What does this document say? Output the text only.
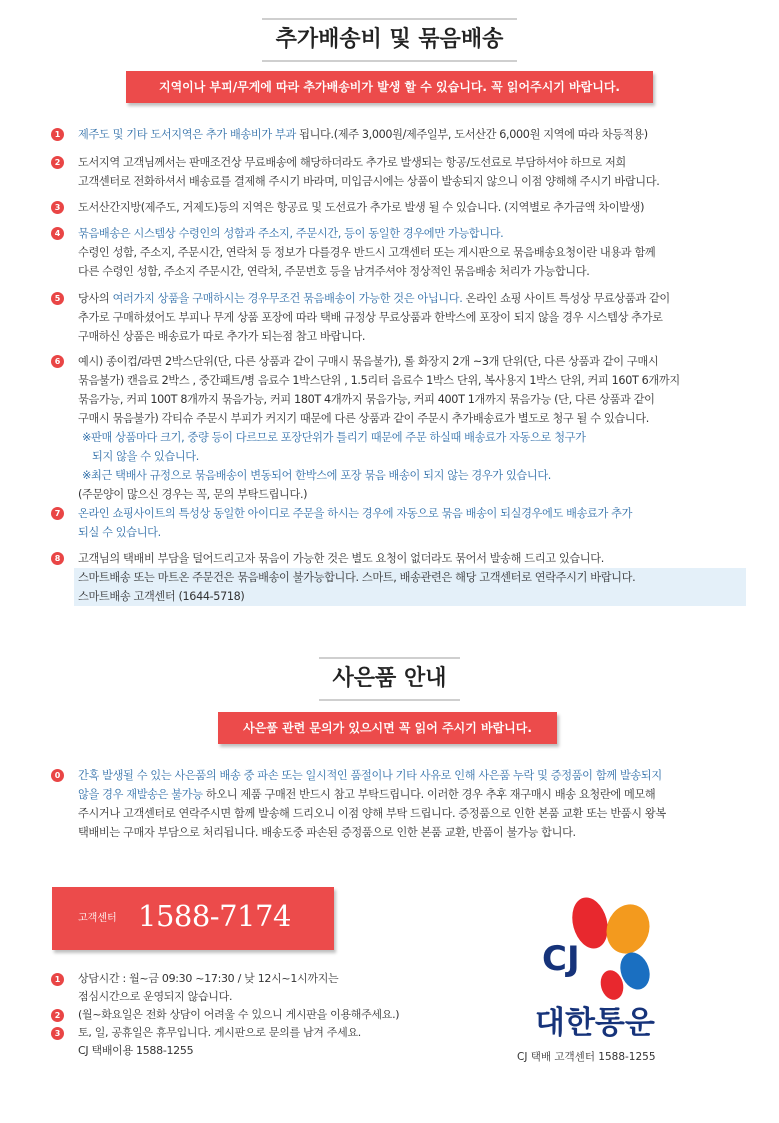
추가배송비 및 묶음배송
지역이나 부피/무게에 따라 추가배송비가 발생 할 수 있습니다. 꼭 읽어주시기 바랍니다.
1	제주도 및 기타 도서지역은 추가 배송비가 부과 됩니다.(제주 3,000원/제주일부, 도서산간 6,000원 지역에 따라 차등적용)
2	도서지역 고객님께서는 판매조건상 무료배송에 해당하더라도 추가로 발생되는 항공/도선료로 부담하셔야 하므로 저희
고객센터로 전화하셔서 배송료를 결제해 주시기 바라며, 미입금시에는 상품이 발송되지 않으니 이점 양해해 주시기 바랍니다.
3	도서산간지방(제주도, 거제도)등의 지역은 항공료 및 도선료가 추가로 발생 될 수 있습니다. (지역별로 추가금액 차이발생)
4	묶음배송은 시스템상 수령인의 성함과 주소지, 주문시간, 등이 동일한 경우에만 가능합니다.
수령인 성함, 주소지, 주문시간, 연락처 등 정보가 다를경우 반드시 고객센터 또는 게시판으로 묶음배송요청이란 내용과 함께
다른 수령인 성함, 주소지 주문시간, 연락처, 주문번호 등을 남겨주셔야 정상적인 묶음배송 처리가 가능합니다.
5	당사의 여러가지 상품을 구매하시는 경우무조건 묶음배송이 가능한 것은 아닙니다. 온라인 쇼핑 사이트 특성상 무료상품과 같이
추가로 구매하셨어도 부피나 무게 상품 포장에 따라 택배 규정상 무료상품과 한박스에 포장이 되지 않을 경우 시스템상 추가로
구매하신 상품은 배송료가 따로 추가가 되는점 참고 바랍니다.
6	예시) 종이컵/라면 2박스단위(단, 다른 상품과 같이 구매시 묶음불가), 롤 화장지 2개 ~3개 단위(단, 다른 상품과 같이 구매시
묶음불가) 캔음료 2박스 , 중간패트/병 음료수 1박스단위 , 1.5리터 음료수 1박스 단위, 복사용지 1박스 단위, 커피 160T 6개까지
묶음가능, 커피 100T 8개까지 묶음가능, 커피 180T 4개까지 묶음가능, 커피 400T 1개까지 묶음가능 (단, 다른 상품과 같이
구매시 묶음불가) 각티슈 주문시 부피가 커지기 때문에 다른 상품과 같이 주문시 추가배송료가 별도로 청구 될 수 있습니다.
※판매 상품마다 크기, 중량 등이 다르므로 포장단위가 틀리기 때문에 주문 하실때 배송료가 자동으로 청구가
되지 않을 수 있습니다.
※최근 택배사 규정으로 묶음배송이 변동되어 한박스에 포장 묶음 배송이 되지 않는 경우가 있습니다.
(주문양이 많으신 경우는 꼭, 문의 부탁드립니다.)
7	온라인 쇼핑사이트의 특성상 동일한 아이디로 주문을 하시는 경우에 자동으로 묶음 배송이 되실경우에도 배송료가 추가
되실 수 있습니다.
8	고객님의 택배비 부담을 덜어드리고자 묶음이 가능한 것은 별도 요청이 없더라도 묶어서 발송해 드리고 있습니다.
스마트배송 또는 마트온 주문건은 묶음배송이 불가능합니다. 스마트, 배송관련은 해당 고객센터로 연락주시기 바랍니다.
스마트배송 고객센터 (1644-5718)
사은품 안내
사은품 관련 문의가 있으시면 꼭 읽어 주시기 바랍니다.
0	간혹 발생될 수 있는 사은품의 배송 중 파손 또는 일시적인 품절이나 기타 사유로 인해 사은품 누락 및 증정품이 함께 발송되지
않을 경우 재발송은 불가능 하오니 제품 구매전 반드시 참고 부탁드립니다. 이러한 경우 추후 재구매시 배송 요청란에 메모해
주시거나 고객센터로 연락주시면 함께 발송해 드리오니 이점 양해 부탁 드립니다. 증정품으로 인한 본품 교환 또는 반품시 왕복
택배비는 구매자 부담으로 처리됩니다. 배송도중 파손된 증정품으로 인한 본품 교환, 반품이 불가능 합니다.
고객센터 1588-7174
1	상담시간 : 월~금 09:30 ~17:30 / 낮 12시~1시까지는
점심시간으로 운영되지 않습니다.
2	(월~화요일은 전화 상담이 어려울 수 있으니 게시판을 이용해주세요.)
3	토, 일, 공휴일은 휴무입니다. 게시판으로 문의를 남겨 주세요.
CJ 택배이용 1588-1255
CJ
대한통운
CJ 택배 고객센터 1588-1255
